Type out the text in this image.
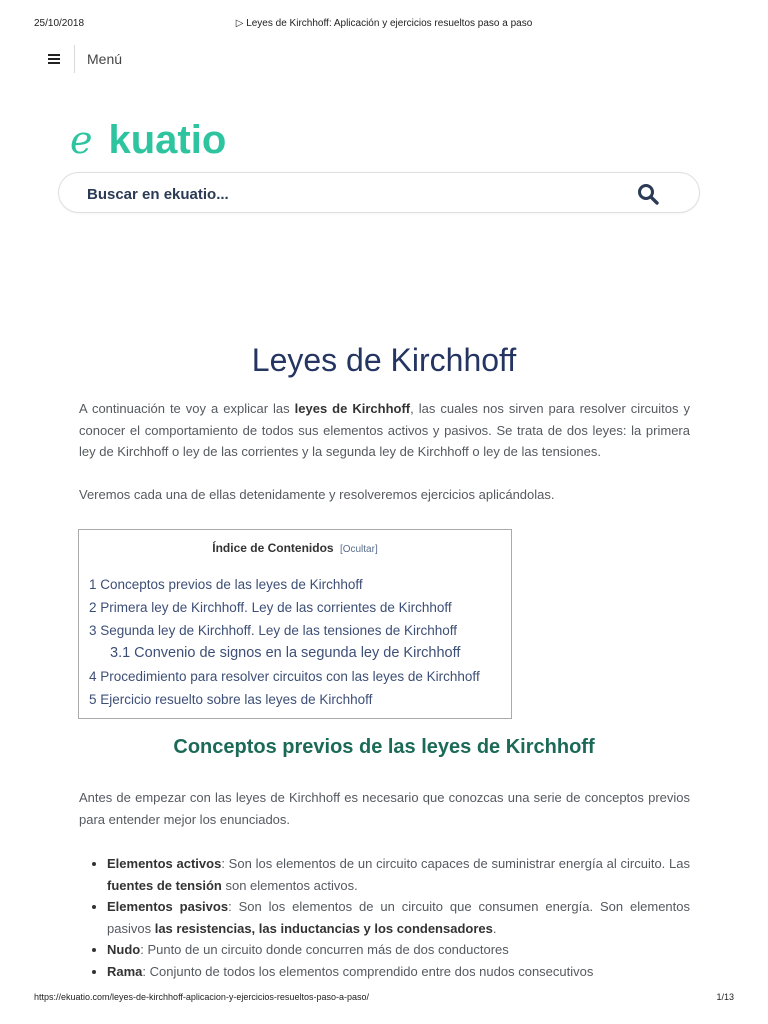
25/10/2018	▷ Leyes de Kirchhoff: Aplicación y ejercicios resueltos paso a paso
Menú
e kuatio
Buscar en ekuatio...
Leyes de Kirchhoff

A continuación te voy a explicar las leyes de Kirchhoff, las cuales nos sirven para resolver circuitos y conocer el comportamiento de todos sus elementos activos y pasivos. Se trata de dos leyes: la primera ley de Kirchhoff o ley de las corrientes y la segunda ley de Kirchhoff o ley de las tensiones.

Veremos cada una de ellas detenidamente y resolveremos ejercicios aplicándolas.

Índice de Contenidos [Ocultar]
1 Conceptos previos de las leyes de Kirchhoff
2 Primera ley de Kirchhoff. Ley de las corrientes de Kirchhoff
3 Segunda ley de Kirchhoff. Ley de las tensiones de Kirchhoff
3.1 Convenio de signos en la segunda ley de Kirchhoff
4 Procedimiento para resolver circuitos con las leyes de Kirchhoff
5 Ejercicio resuelto sobre las leyes de Kirchhoff
Conceptos previos de las leyes de Kirchhoff

Antes de empezar con las leyes de Kirchhoff es necesario que conozcas una serie de conceptos previos para entender mejor los enunciados.

Elementos activos: Son los elementos de un circuito capaces de suministrar energía al circuito. Las fuentes de tensión son elementos activos.
Elementos pasivos: Son los elementos de un circuito que consumen energía. Son elementos pasivos las resistencias, las inductancias y los condensadores.
Nudo: Punto de un circuito donde concurren más de dos conductores
Rama: Conjunto de todos los elementos comprendido entre dos nudos consecutivos
https://ekuatio.com/leyes-de-kirchhoff-aplicacion-y-ejercicios-resueltos-paso-a-paso/	1/13
